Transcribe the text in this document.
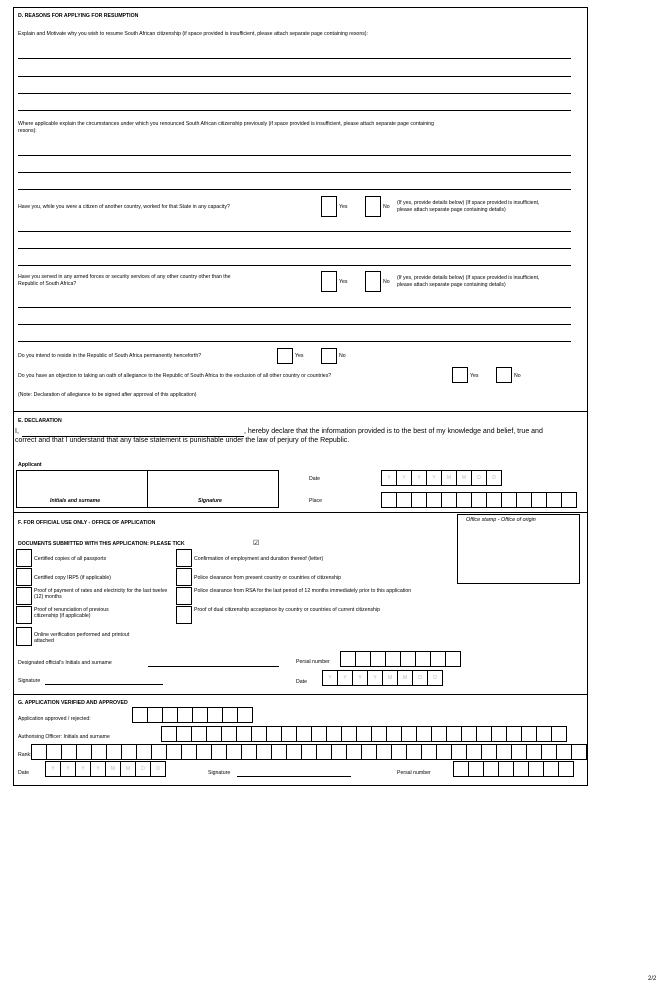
D. REASONS FOR APPLYING FOR RESUMPTION
Explain and Motivate why you wish to resume South African citizenship (if space provided is insufficient, please attach separate page containing resons):
Where applicable explain the circumstances under which you renounced South African citizenship previously (if space provided is insufficient, please attach separate page containing
resons):
Have you, while you were a citizen of another country, worked for that State in any capacity?	Yes	No
(If yes, provide details below) (If space provided is insufficient,
please attach separate page containing details)
Have you served in any armed forces or security services of any other country other than the
Republic of South Africa?	Yes	No
(If yes, provide details below) (If space provided is insufficient,
please attach separate page containing details)
Do you intend to reside in the Republic of South Africa permanently henceforth?	Yes	No
Do you have an objection to taking an oath of allegiance to the Republic of South Africa to the exclusion of all other country or countries?	Yes	No
(Note: Declaration of allegiance to be signed after approval of this application)
E. DECLARATION
I,	, hereby declare that the information provided is to the best of my knowledge and belief, true and
correct and that I understand that any false statement is punishable under the law of perjury of the Republic.
Applicant
Initials and surname	Signature
Date	Y	Y	Y	Y	M	M	D	D
Place
F. FOR OFFICIAL USE ONLY - OFFICE OF APPLICATION	Office stamp - Office of origin
DOCUMENTS SUBMITTED WITH THIS APPLICATION: PLEASE TICK	☑
Certified copies of all passports
Certified copy IRP5 (if applicable)
Proof of payment of rates and electricity for the last twelve (12) months
Proof of renunciation of previous citizenship (if applicable)
Online verification performed and printout attached
Confirmation of employment and duration thereof (letter)
Police clearance from present country or countries of citizenship
Police clearance from RSA for the last period of 12 months immediately prior to this application
Proof of dual citizenship acceptance by country or countries of current citizenship
Designated official's Initials and surname	Persal number
Signature	Date
Y	Y	Y	Y	M	M	D	D
G. APPLICATION VERIFIED AND APPROVED
Application approved / rejected:
Authorising Officer: Initials and surname
Rank:
Date
Y	Y	Y	Y	M	M	D	D
Signature	Persal number
2/2
